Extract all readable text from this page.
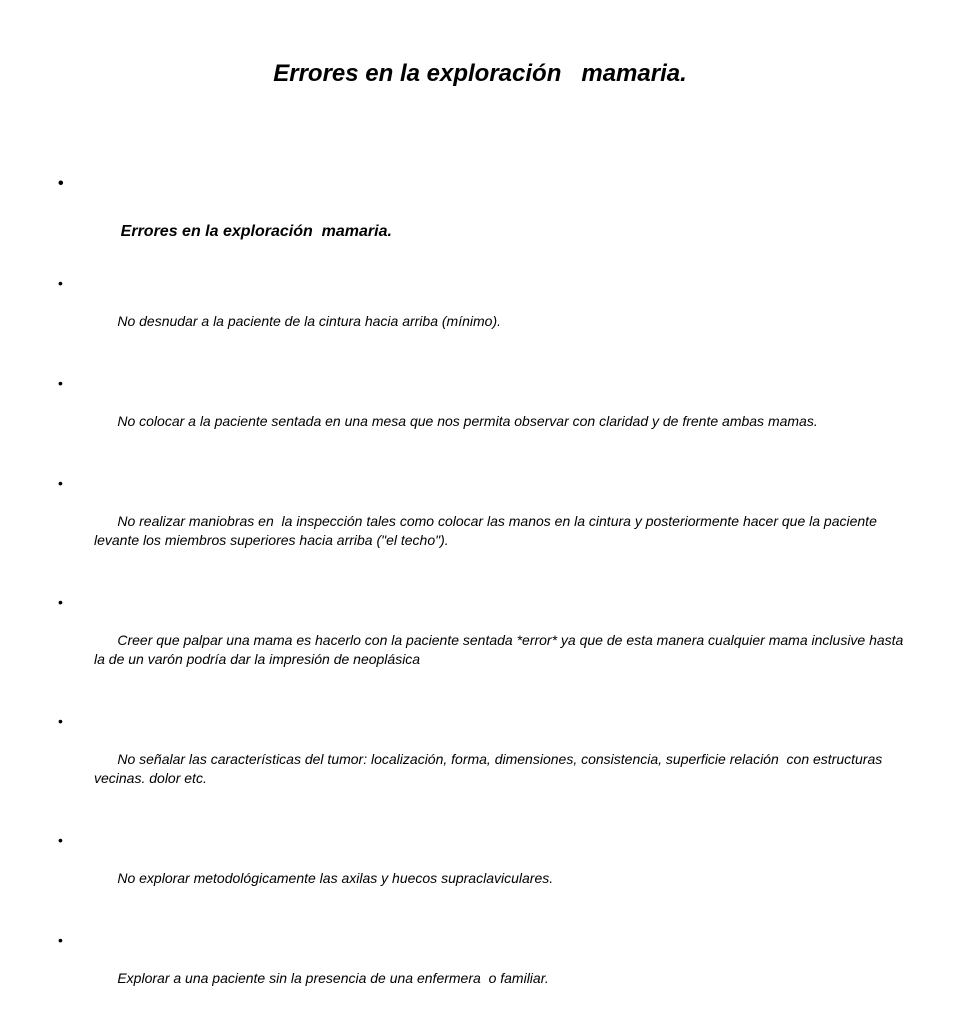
Errores en la exploración   mamaria.

•

Errores en la exploración  mamaria.

•

No desnudar a la paciente de la cintura hacia arriba (mínimo).

•

No colocar a la paciente sentada en una mesa que nos permita observar con claridad y de frente ambas mamas.

•

No realizar maniobras en  la inspección tales como colocar las manos en la cintura y posteriormente hacer que la paciente levante los miembros superiores hacia arriba ("el techo").

•

Creer que palpar una mama es hacerlo con la paciente sentada *error* ya que de esta manera cualquier mama inclusive hasta la de un varón podría dar la impresión de neoplásica

•

No señalar las características del tumor: localización, forma, dimensiones, consistencia, superficie relación  con estructuras vecinas. dolor etc.

•

No explorar metodológicamente las axilas y huecos supraclaviculares.

•

Explorar a una paciente sin la presencia de una enfermera  o familiar.
